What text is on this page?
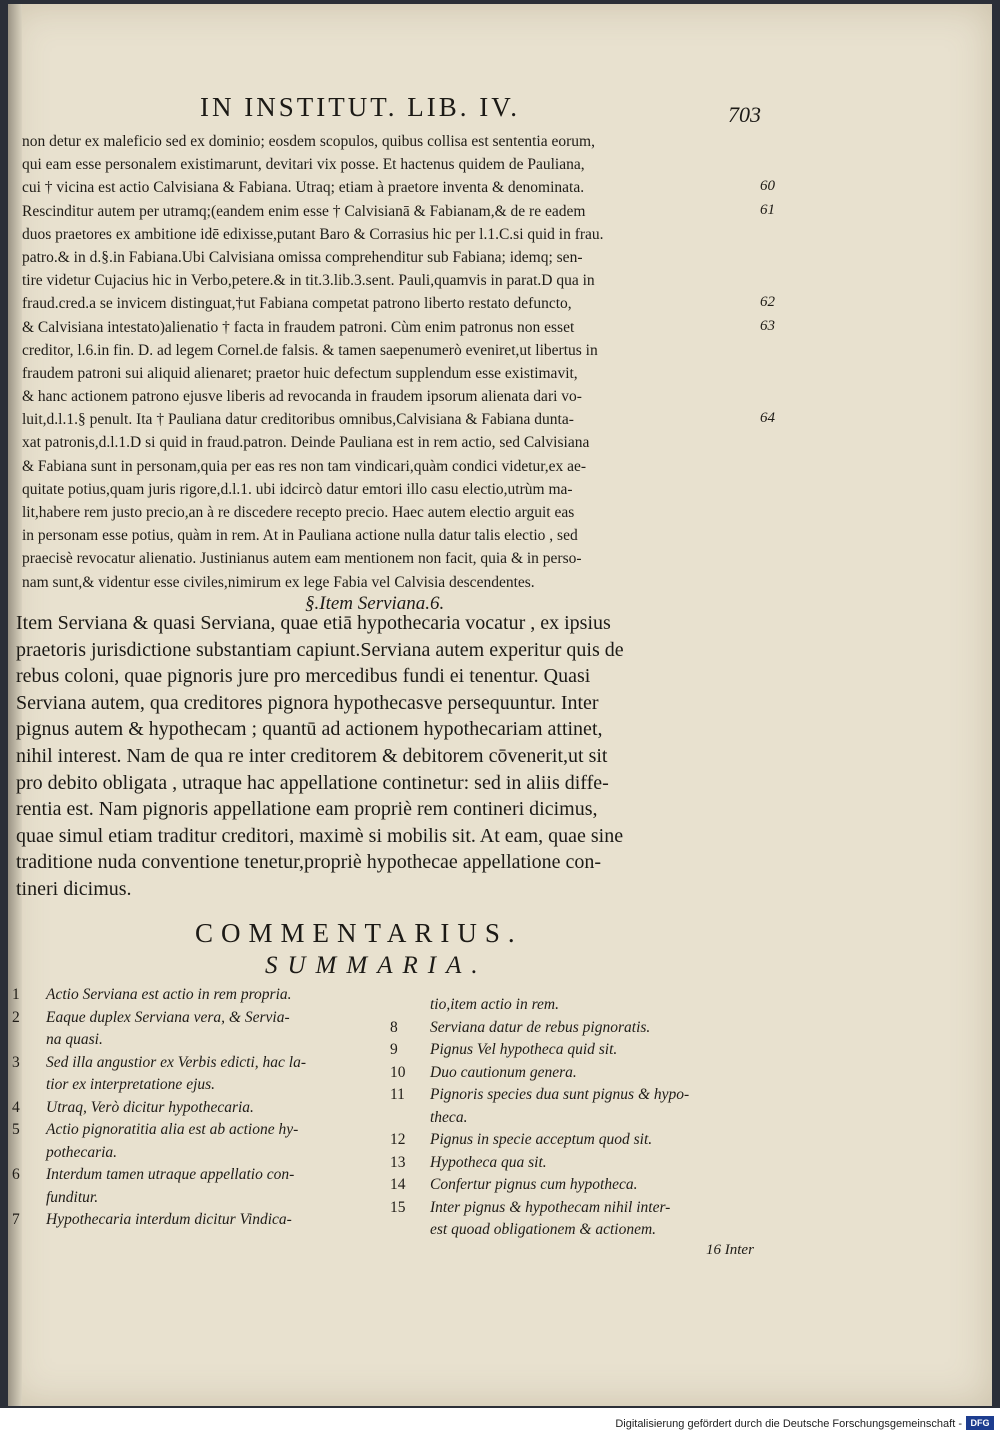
IN INSTITUT. LIB. IV.	703
non detur ex maleficio sed ex dominio; eosdem scopulos, quibus collisa est sententia eorum,
qui eam esse personalem existimarunt, devitari vix posse. Et hactenus quidem de Pauliana,
cui † vicina est actio Calvisiana & Fabiana. Utraq; etiam à praetore inventa & denominata.
Rescinditur autem per utramq;(eandem enim esse † Calvisianā & Fabianam,& de re eadem
duos praetores ex ambitione idē edixisse,putant Baro & Corrasius hic per l.1.C.si quid in frau.
patro.& in d.§.in Fabiana.Ubi Calvisiana omissa comprehenditur sub Fabiana; idemq; sen-
tire videtur Cujacius hic in Verbo,petere.& in tit.3.lib.3.sent. Pauli,quamvis in parat.D qua in
fraud.cred.a se invicem distinguat,†ut Fabiana competat patrono liberto restato defuncto,
& Calvisiana intestato)alienatio † facta in fraudem patroni. Cùm enim patronus non esset
creditor, l.6.in fin. D. ad legem Cornel.de falsis. & tamen saepenumerò eveniret,ut libertus in
fraudem patroni sui aliquid alienaret; praetor huic defectum supplendum esse existimavit,
& hanc actionem patrono ejusve liberis ad revocanda in fraudem ipsorum alienata dari vo-
luit,d.l.1.§ penult. Ita † Pauliana datur creditoribus omnibus,Calvisiana & Fabiana dunta-
xat patronis,d.l.1.D si quid in fraud.patron. Deinde Pauliana est in rem actio, sed Calvisiana
& Fabiana sunt in personam,quia per eas res non tam vindicari,quàm condici videtur,ex ae-
quitate potius,quam juris rigore,d.l.1. ubi idcircò datur emtori illo casu electio,utrùm ma-
lit,habere rem justo precio,an à re discedere recepto precio. Haec autem electio arguit eas
in personam esse potius, quàm in rem. At in Pauliana actione nulla datur talis electio , sed
praecisè revocatur alienatio. Justinianus autem eam mentionem non facit, quia & in perso-
nam sunt,& videntur esse civiles,nimirum ex lege Fabia vel Calvisia descendentes.
60
61
62
63
64
§.Item Serviana.6.
Item Serviana & quasi Serviana, quae etiā hypothecaria vocatur , ex ipsius
praetoris jurisdictione substantiam capiunt.Serviana autem experitur quis de
rebus coloni, quae pignoris jure pro mercedibus fundi ei tenentur. Quasi
Serviana autem, qua creditores pignora hypothecasve persequuntur. Inter
pignus autem & hypothecam ; quantū ad actionem hypothecariam attinet,
nihil interest. Nam de qua re inter creditorem & debitorem cōvenerit,ut sit
pro debito obligata , utraque hac appellatione continetur: sed in aliis diffe-
rentia est. Nam pignoris appellatione eam propriè rem contineri dicimus,
quae simul etiam traditur creditori, maximè si mobilis sit. At eam, quae sine
traditione nuda conventione tenetur,propriè hypothecae appellatione con-
tineri dicimus.
COMMENTARIUS.
SUMMARIA.
1 Actio Serviana est actio in rem propria.
2 Eaque duplex Serviana vera, & Servia-
na quasi.
3 Sed illa angustior ex Verbis edicti, hac la-
tior ex interpretatione ejus.
4 Utraq, Verò dicitur hypothecaria.
5 Actio pignoratitia alia est ab actione hy-
pothecaria.
6 Interdum tamen utraque appellatio con-
funditur.
7 Hypothecaria interdum dicitur Vindica-
tio,item actio in rem.
8 Serviana datur de rebus pignoratis.
9 Pignus Vel hypotheca quid sit.
10 Duo cautionum genera.
11 Pignoris species dua sunt pignus & hypo-
theca.
12 Pignus in specie acceptum quod sit.
13 Hypotheca qua sit.
14 Confertur pignus cum hypotheca.
15 Inter pignus & hypothecam nihil inter-
est quoad obligationem & actionem.
16 Inter
Digitalisierung gefördert durch die Deutsche Forschungsgemeinschaft - DFG
